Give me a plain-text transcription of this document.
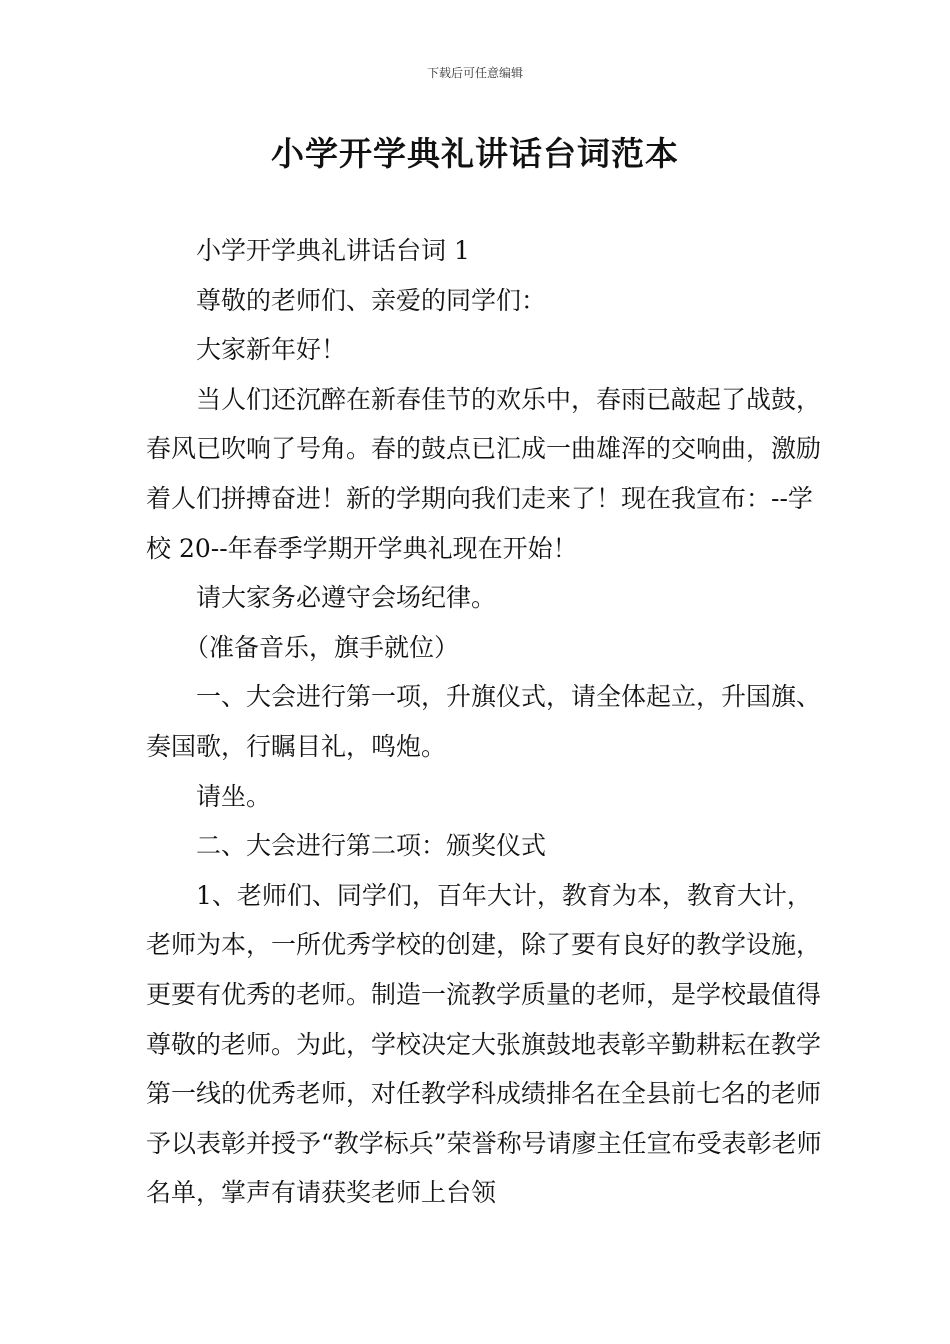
下载后可任意编辑
小学开学典礼讲话台词范本

小学开学典礼讲话台词 1

尊敬的老师们、亲爱的同学们：

大家新年好！

当人们还沉醉在新春佳节的欢乐中，春雨已敲起了战鼓，春风已吹响了号角。春的鼓点已汇成一曲雄浑的交响曲，激励着人们拼搏奋进！新的学期向我们走来了！现在我宣布：--学校 20--年春季学期开学典礼现在开始！

请大家务必遵守会场纪律。

（准备音乐，旗手就位）

一、大会进行第一项，升旗仪式，请全体起立，升国旗、奏国歌，行瞩目礼，鸣炮。

请坐。

二、大会进行第二项：颁奖仪式

1、老师们、同学们，百年大计，教育为本，教育大计，老师为本，一所优秀学校的创建，除了要有良好的教学设施，更要有优秀的老师。制造一流教学质量的老师，是学校最值得尊敬的老师。为此，学校决定大张旗鼓地表彰辛勤耕耘在教学第一线的优秀老师，对任教学科成绩排名在全县前七名的老师予以表彰并授予“教学标兵”荣誉称号请廖主任宣布受表彰老师名单，掌声有请获奖老师上台领
